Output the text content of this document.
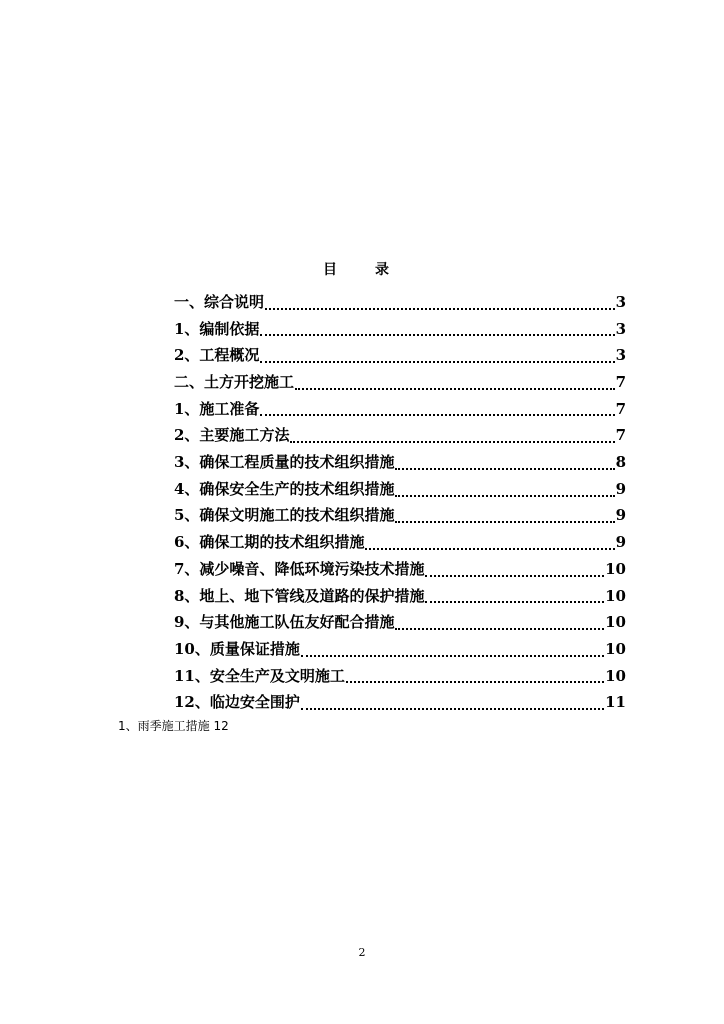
目　录
一、综合说明	3
1、编制依据	3
2、工程概况	3
二、土方开挖施工	7
1、施工准备	7
2、主要施工方法	7
3、确保工程质量的技术组织措施	8
4、确保安全生产的技术组织措施	9
5、确保文明施工的技术组织措施	9
6、确保工期的技术组织措施	9
7、减少噪音、降低环境污染技术措施	10
8、地上、地下管线及道路的保护措施	10
9、与其他施工队伍友好配合措施	10
10、质量保证措施	10
11、安全生产及文明施工	10
12、临边安全围护	11
1、雨季施工措施 12
2
